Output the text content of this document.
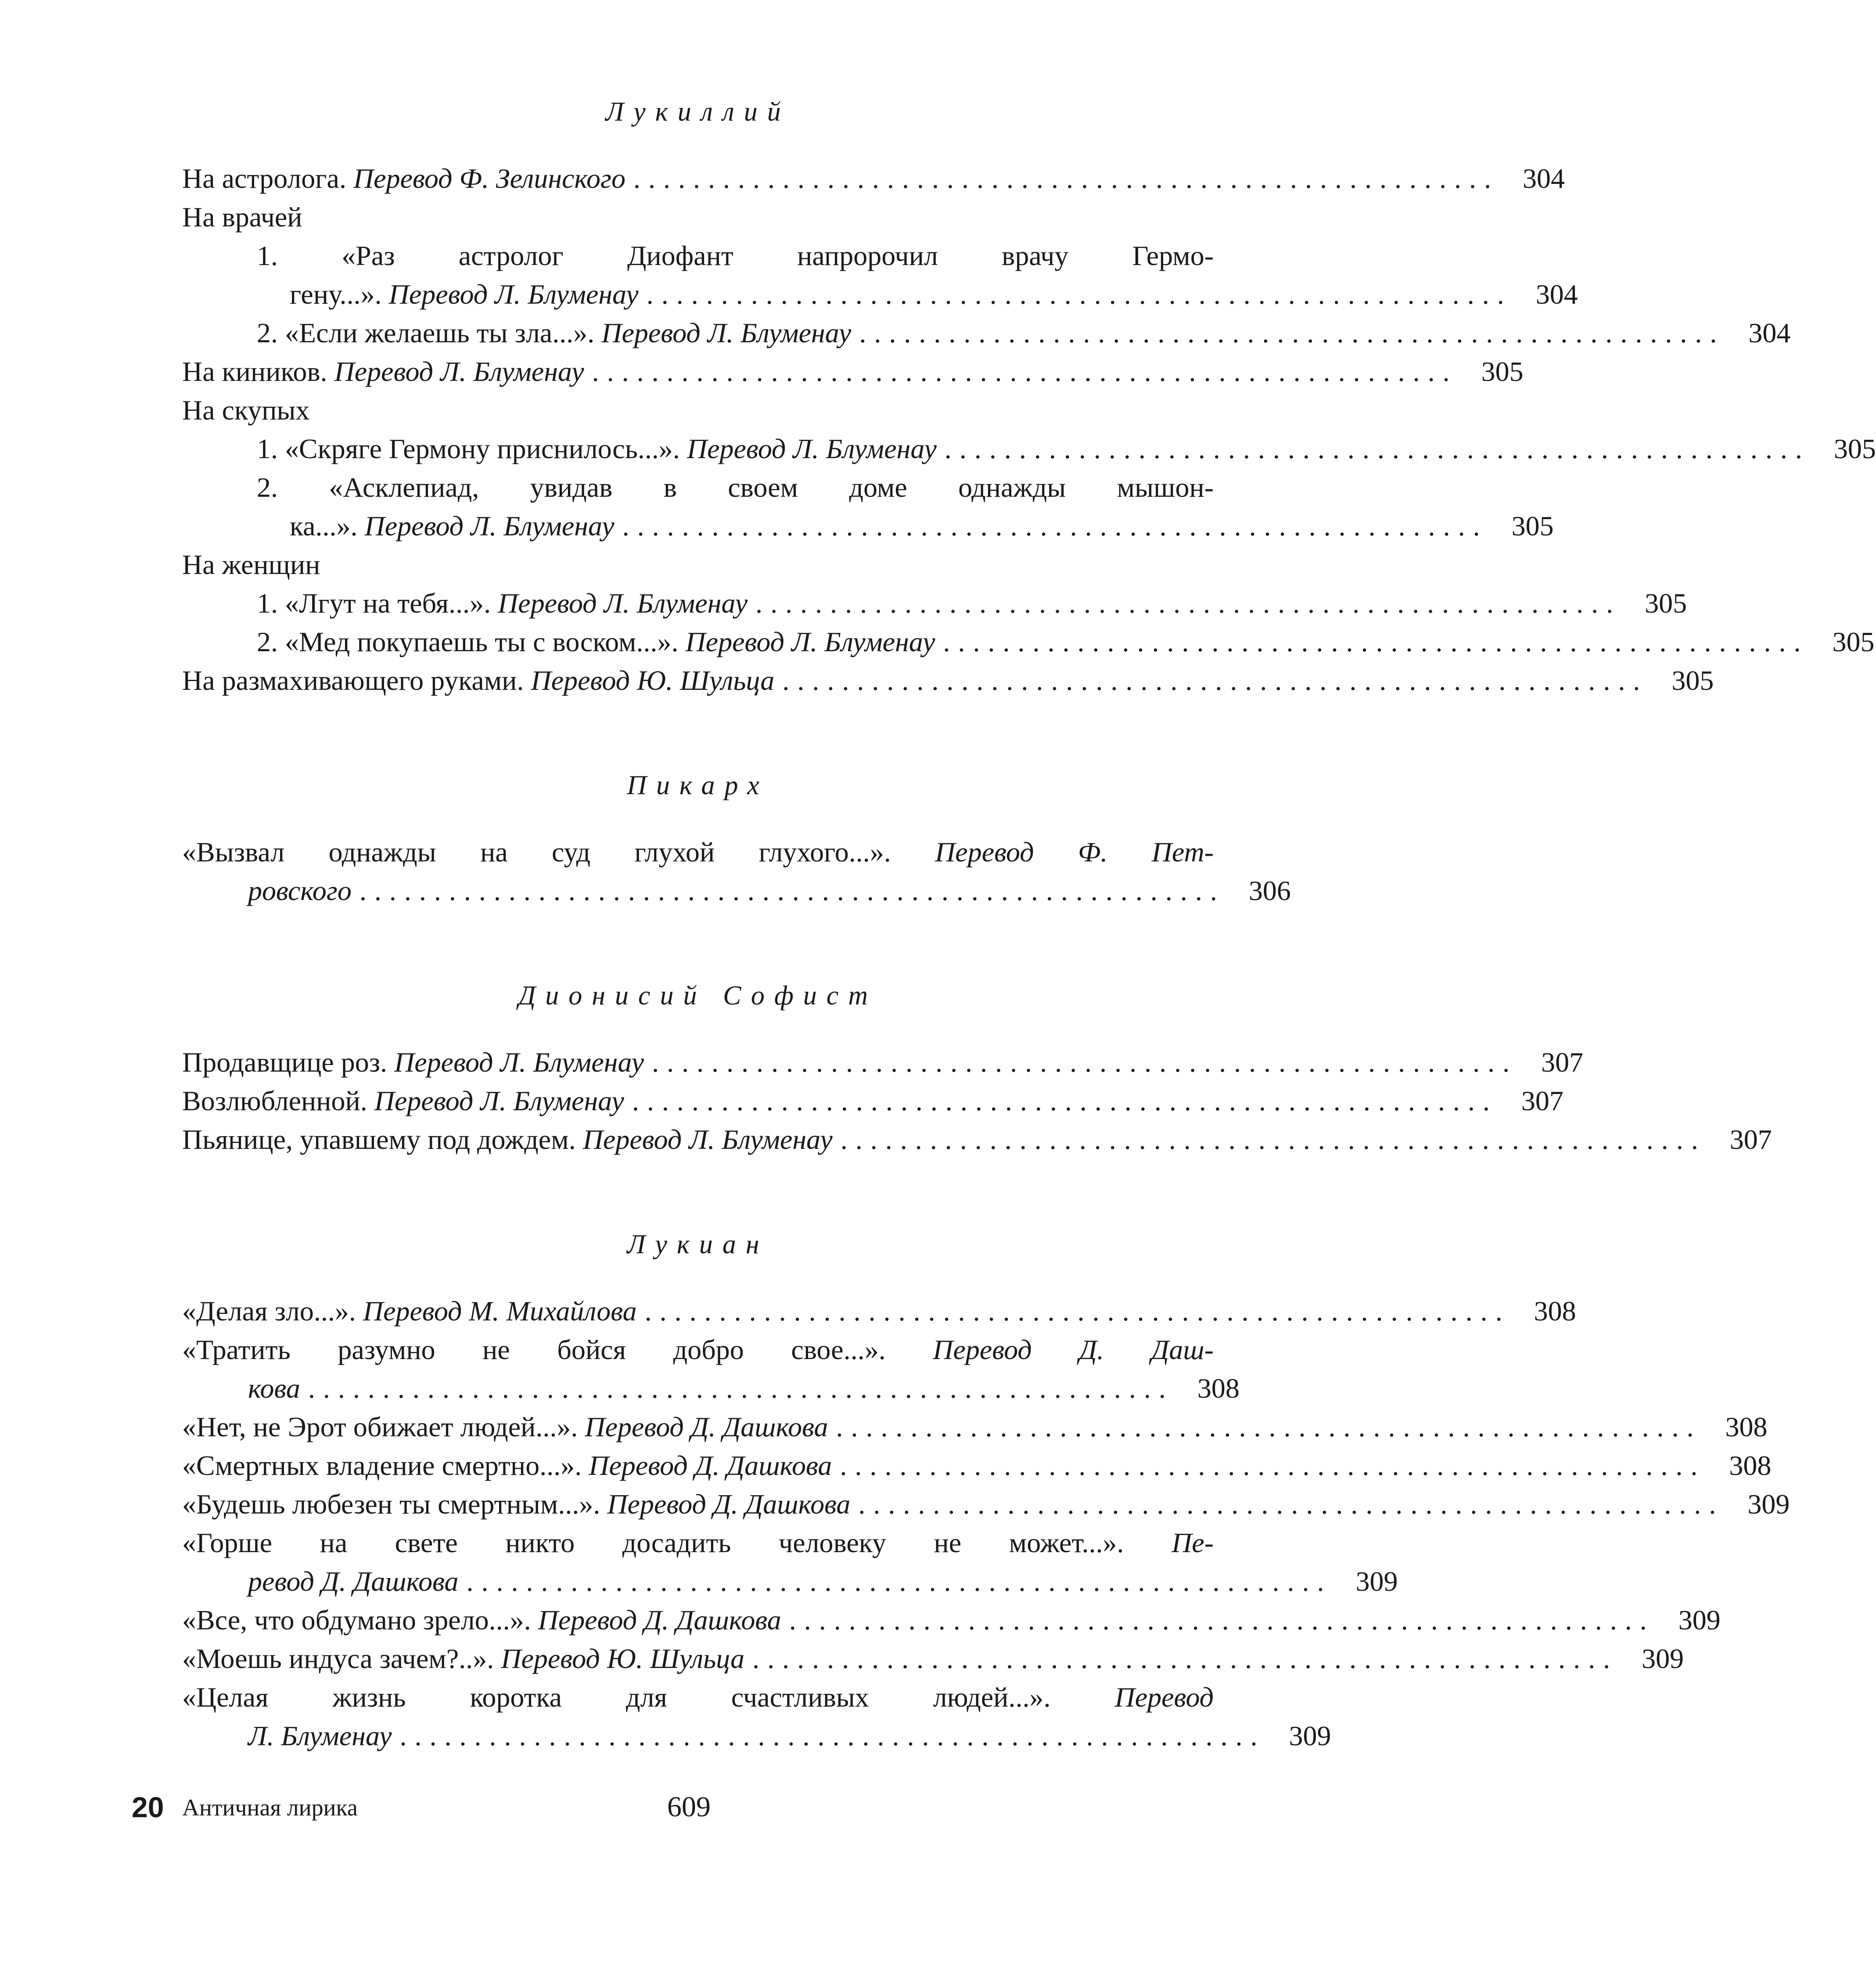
Лукиллий
На астролога. Перевод Ф. Зелинского .......................................................... 304
На врачей
1. «Раз астролог Диофант напророчил врачу Гермо-
гену...». Перевод Л. Блуменау .......................................................... 304
2. «Если желаешь ты зла...». Перевод Л. Блуменау .......................................................... 304
На киников. Перевод Л. Блуменау .......................................................... 305
На скупых
1. «Скряге Гермону приснилось...». Перевод Л. Блуменау .......................................................... 305
2. «Асклепиад, увидав в своем доме однажды мышон-
ка...». Перевод Л. Блуменау .......................................................... 305
На женщин
1. «Лгут на тебя...». Перевод Л. Блуменау .......................................................... 305
2. «Мед покупаешь ты с воском...». Перевод Л. Блуменау .......................................................... 305
На размахивающего руками. Перевод Ю. Шульца .......................................................... 305
Пикарх
«Вызвал однажды на суд глухой глухого...». Перевод Ф. Пет-
ровского .......................................................... 306
Дионисий Софист
Продавщице роз. Перевод Л. Блуменау .......................................................... 307
Возлюбленной. Перевод Л. Блуменау .......................................................... 307
Пьянице, упавшему под дождем. Перевод Л. Блуменау .......................................................... 307
Лукиан
«Делая зло...». Перевод М. Михайлова .......................................................... 308
«Тратить разумно не бойся добро свое...». Перевод Д. Даш-
кова .......................................................... 308
«Нет, не Эрот обижает людей...». Перевод Д. Дашкова .......................................................... 308
«Смертных владение смертно...». Перевод Д. Дашкова .......................................................... 308
«Будешь любезен ты смертным...». Перевод Д. Дашкова .......................................................... 309
«Горше на свете никто досадить человеку не может...». Пе-
ревод Д. Дашкова .......................................................... 309
«Все, что обдумано зрело...». Перевод Д. Дашкова .......................................................... 309
«Моешь индуса зачем?..». Перевод Ю. Шульца .......................................................... 309
«Целая жизнь коротка для счастливых людей...». Перевод
Л. Блуменау .......................................................... 309
20 Античная лирика	609
